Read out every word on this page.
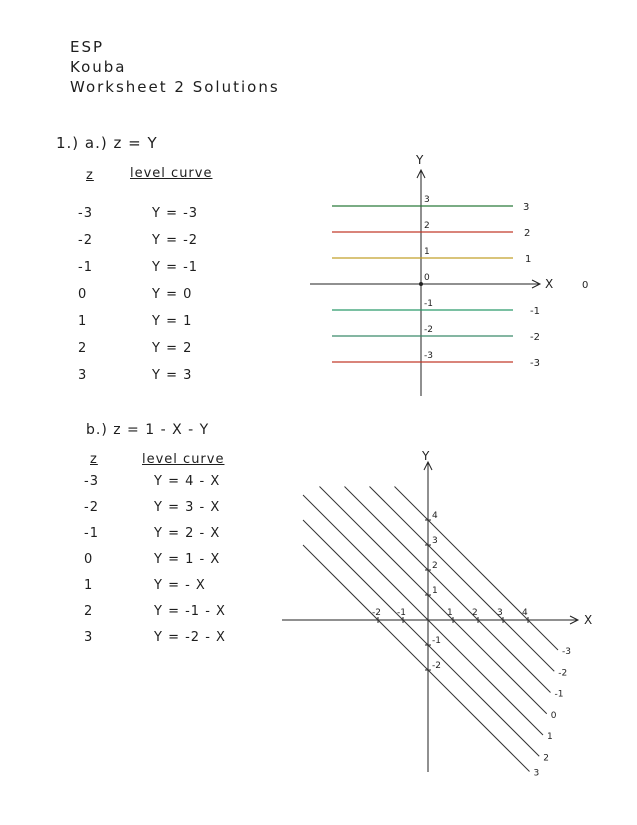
ESP
Kouba
Worksheet 2 Solutions
1.) a.) z = Y
z	level curve
-3	Y = -3
-2	Y = -2
-1	Y = -1
0	Y = 0
1	Y = 1
2	Y = 2
3	Y = 3
b.) z = 1 - X - Y
z	level curve
-3	Y = 4 - X
-2	Y = 3 - X
-1	Y = 2 - X
0	Y = 1 - X
1	Y = - X
2	Y = -1 - X
3	Y = -2 - X
Y
X
3
3
2
2
1
1
0
0
-1
-1
-2
-2
-3
-3
Y
X
-2 -1	1 2 3 4
4
3
2
1
-1
-2
-3
-2
-1
0
1
2
3
